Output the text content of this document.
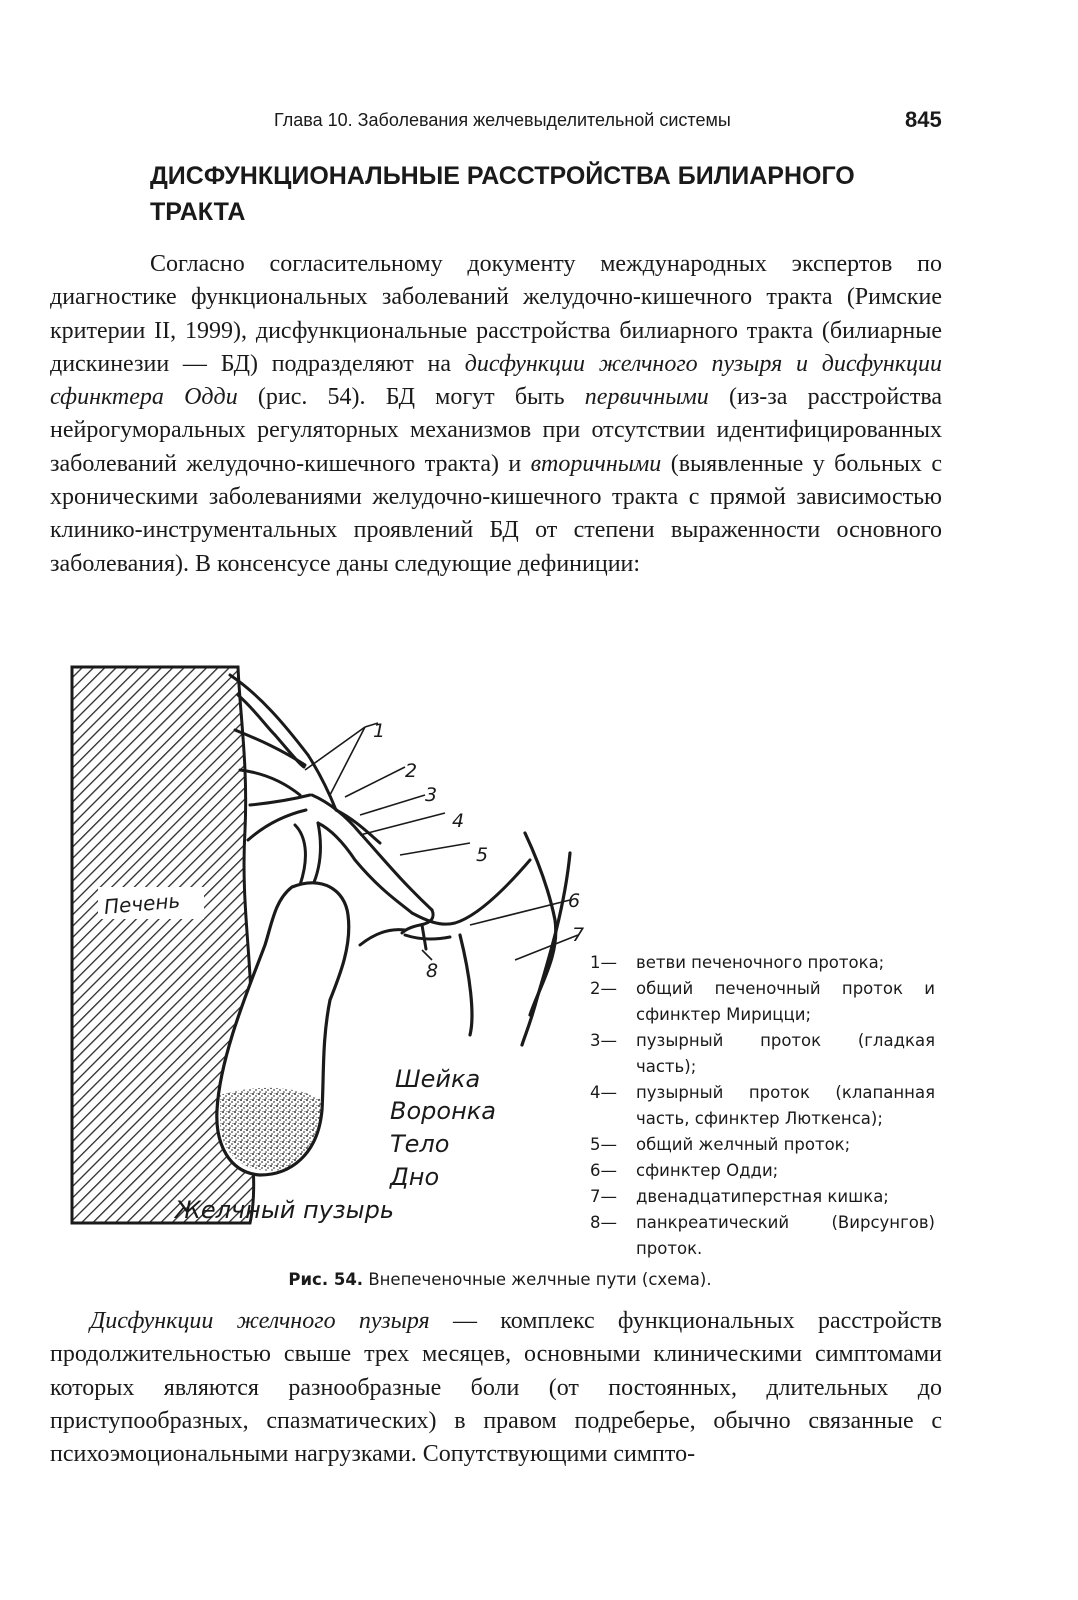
Глава 10. Заболевания желчевыделительной системы	845
ДИСФУНКЦИОНАЛЬНЫЕ РАССТРОЙСТВА БИЛИАРНОГО ТРАКТА

Согласно согласительному документу международных экспертов по диагностике функциональных заболеваний желудочно-кишечного тракта (Римские критерии II, 1999), дисфункциональные расстройства билиарного тракта (билиарные дискинезии — БД) подразделяют на дисфункции желчного пузыря и дисфункции сфинктера Одди (рис. 54). БД могут быть первичными (из-за расстройства нейрогуморальных регуляторных механизмов при отсутствии идентифицированных заболеваний желудочно-кишечного тракта) и вторичными (выявленные у больных с хроническими заболеваниями желудочно-кишечного тракта с прямой зависимостью клинико-инструментальных проявлений БД от степени выраженности основного заболевания). В консенсусе даны следующие дефиниции:

Печень
1
2
3
4
5
6
7
8
Шейка
Воронка
Тело
Дно
Желчный пузырь
1—	ветви печеночного протока;
2—	общий печеночный проток и сфинктер Мирицци;
3—	пузырный проток (гладкая часть);
4—	пузырный проток (клапанная часть, сфинктер Люткенса);
5—	общий желчный проток;
6—	сфинктер Одди;
7—	двенадцатиперстная кишка;
8—	панкреатический (Вирсунгов) проток.
Рис. 54. Внепеченочные желчные пути (схема).

Дисфункции желчного пузыря — комплекс функциональных расстройств продолжительностью свыше трех месяцев, основными клиническими симптомами которых являются разнообразные боли (от постоянных, длительных до приступообразных, спазматических) в правом подреберье, обычно связанные с психоэмоциональными нагрузками. Сопутствующими симпто-
